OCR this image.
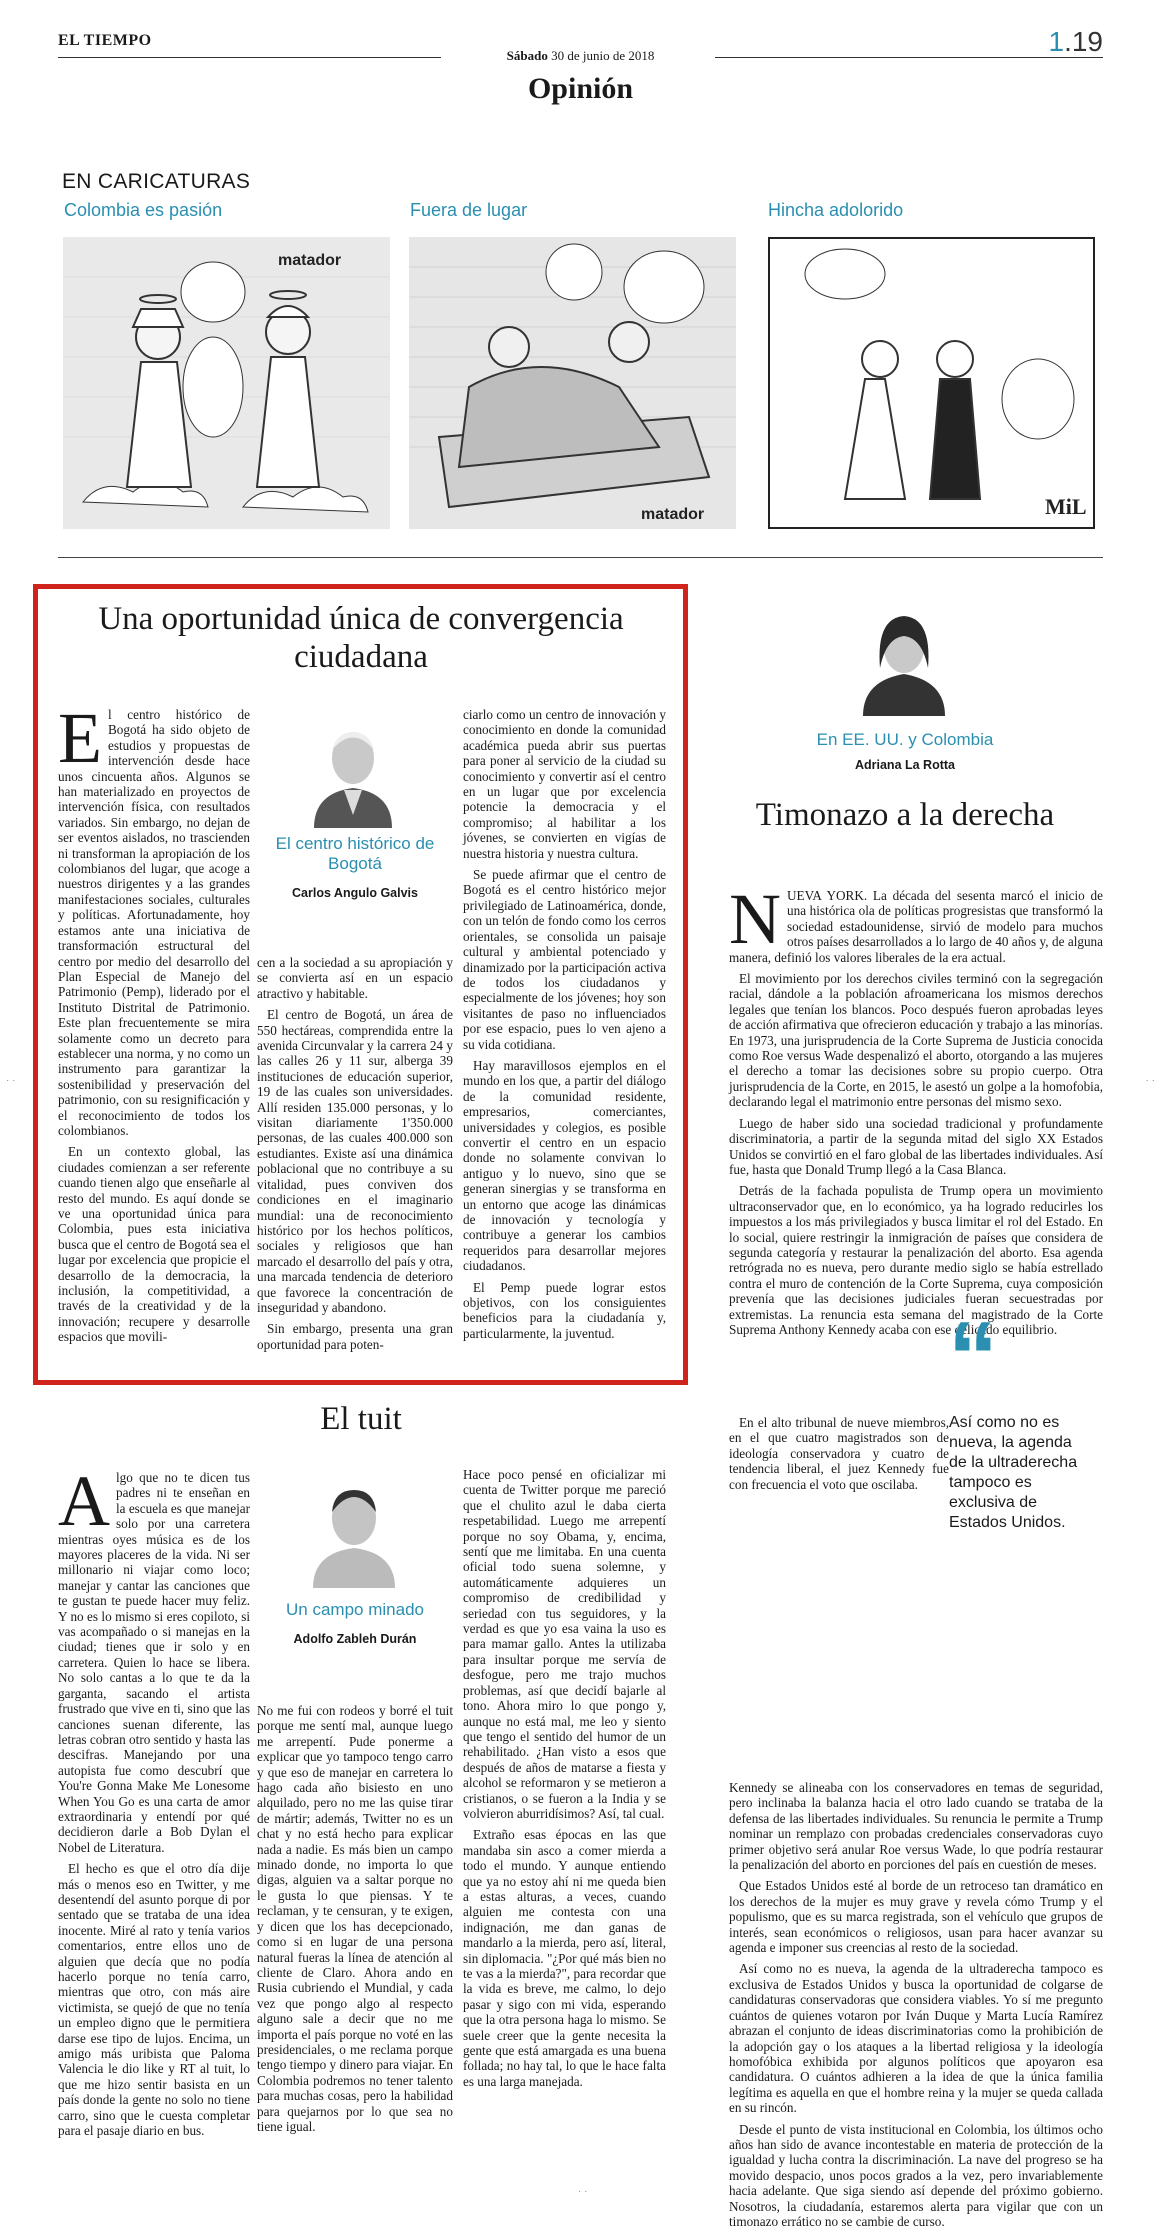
EL TIEMPO
Sábado 30 de junio de 2018	1.19
Opinión
EN CARICATURAS
Colombia es pasión	Fuera de lugar	Hincha adolorido
matador
matador	MiL
Una oportunidad única de convergencia ciudadana

El centro histórico de Bogotá ha sido objeto de estudios y propuestas de intervención desde hace unos cincuenta años. Algunos se han materializado en proyectos de intervención física, con resultados variados. Sin embargo, no dejan de ser eventos aislados, no trascienden ni transforman la apropiación de los colombianos del lugar, que acoge a nuestros dirigentes y a las grandes manifestaciones sociales, culturales y políticas. Afortunadamente, hoy estamos ante una iniciativa de transformación estructural del centro por medio del desarrollo del Plan Especial de Manejo del Patrimonio (Pemp), liderado por el Instituto Distrital de Patrimonio. Este plan frecuentemente se mira solamente como un decreto para establecer una norma, y no como un instrumento para garantizar la sostenibilidad y preservación del patrimonio, con su resignificación y el reconocimiento de todos los colombianos.

En un contexto global, las ciudades comienzan a ser referente cuando tienen algo que enseñarle al resto del mundo. Es aquí donde se ve una oportunidad única para Colombia, pues esta iniciativa busca que el centro de Bogotá sea el lugar por excelencia que propicie el desarrollo de la democracia, la inclusión, la competitividad, a través de la creatividad y de la innovación; recupere y desarrolle espacios que movili-

El centro histórico de Bogotá
Carlos Angulo Galvis

cen a la sociedad a su apropiación y se convierta así en un espacio atractivo y habitable.

El centro de Bogotá, un área de 550 hectáreas, comprendida entre la avenida Circunvalar y la carrera 24 y las calles 26 y 11 sur, alberga 39 instituciones de educación superior, 19 de las cuales son universidades. Allí residen 135.000 personas, y lo visitan diariamente 1'350.000 personas, de las cuales 400.000 son estudiantes. Existe así una dinámica poblacional que no contribuye a su vitalidad, pues conviven dos condiciones en el imaginario mundial: una de reconocimiento histórico por los hechos políticos, sociales y religiosos que han marcado el desarrollo del país y otra, una marcada tendencia de deterioro que favorece la concentración de inseguridad y abandono.

Sin embargo, presenta una gran oportunidad para poten-

ciarlo como un centro de innovación y conocimiento en donde la comunidad académica pueda abrir sus puertas para poner al servicio de la ciudad su conocimiento y convertir así el centro en un lugar que por excelencia potencie la democracia y el compromiso; al habilitar a los jóvenes, se convierten en vigías de nuestra historia y nuestra cultura.

Se puede afirmar que el centro de Bogotá es el centro histórico mejor privilegiado de Latinoamérica, donde, con un telón de fondo como los cerros orientales, se consolida un paisaje cultural y ambiental potenciado y dinamizado por la participación activa de todos los ciudadanos y especialmente de los jóvenes; hoy son visitantes de paso no influenciados por ese espacio, pues lo ven ajeno a su vida cotidiana.

Hay maravillosos ejemplos en el mundo en los que, a partir del diálogo de la comunidad residente, empresarios, comerciantes, universidades y colegios, es posible convertir el centro en un espacio donde no solamente convivan lo antiguo y lo nuevo, sino que se generan sinergias y se transforma en un entorno que acoge las dinámicas de innovación y tecnología y contribuye a generar los cambios requeridos para desarrollar mejores ciudadanos.

El Pemp puede lograr estos objetivos, con los consiguientes beneficios para la ciudadanía y, particularmente, la juventud.

El tuit

Algo que no te dicen tus padres ni te enseñan en la escuela es que manejar solo por una carretera mientras oyes música es de los mayores placeres de la vida. Ni ser millonario ni viajar como loco; manejar y cantar las canciones que te gustan te puede hacer muy feliz. Y no es lo mismo si eres copiloto, si vas acompañado o si manejas en la ciudad; tienes que ir solo y en carretera. Quien lo hace se libera. No solo cantas a lo que te da la garganta, sacando el artista frustrado que vive en ti, sino que las canciones suenan diferente, las letras cobran otro sentido y hasta las descifras. Manejando por una autopista fue como descubrí que You're Gonna Make Me Lonesome When You Go es una carta de amor extraordinaria y entendí por qué decidieron darle a Bob Dylan el Nobel de Literatura.

El hecho es que el otro día dije más o menos eso en Twitter, y me desentendí del asunto porque di por sentado que se trataba de una idea inocente. Miré al rato y tenía varios comentarios, entre ellos uno de alguien que decía que no podía hacerlo porque no tenía carro, mientras que otro, con más aire victimista, se quejó de que no tenía un empleo digno que le permitiera darse ese tipo de lujos. Encima, un amigo más uribista que Paloma Valencia le dio like y RT al tuit, lo que me hizo sentir basista en un país donde la gente no solo no tiene carro, sino que le cuesta completar para el pasaje diario en bus.

Un campo minado
Adolfo Zableh Durán

No me fui con rodeos y borré el tuit porque me sentí mal, aunque luego me arrepentí. Pude ponerme a explicar que yo tampoco tengo carro y que eso de manejar en carretera lo hago cada año bisiesto en uno alquilado, pero no me las quise tirar de mártir; además, Twitter no es un chat y no está hecho para explicar nada a nadie. Es más bien un campo minado donde, no importa lo que digas, alguien va a saltar porque no le gusta lo que piensas. Y te reclaman, y te censuran, y te exigen, y dicen que los has decepcionado, como si en lugar de una persona natural fueras la línea de atención al cliente de Claro. Ahora ando en Rusia cubriendo el Mundial, y cada vez que pongo algo al respecto alguno sale a decir que no me importa el país porque no voté en las presidenciales, o me reclama porque tengo tiempo y dinero para viajar. En Colombia podremos no tener talento para muchas cosas, pero la habilidad para quejarnos por lo que sea no tiene igual.

Hace poco pensé en oficializar mi cuenta de Twitter porque me pareció que el chulito azul le daba cierta respetabilidad. Luego me arrepentí porque no soy Obama, y, encima, sentí que me limitaba. En una cuenta oficial todo suena solemne, y automáticamente adquieres un compromiso de credibilidad y seriedad con tus seguidores, y la verdad es que yo esa vaina la uso es para mamar gallo. Antes la utilizaba para insultar porque me servía de desfogue, pero me trajo muchos problemas, así que decidí bajarle al tono. Ahora miro lo que pongo y, aunque no está mal, me leo y siento que tengo el sentido del humor de un rehabilitado. ¿Han visto a esos que después de años de matarse a fiesta y alcohol se reformaron y se metieron a cristianos, o se fueron a la India y se volvieron aburridísimos? Así, tal cual.

Extraño esas épocas en las que mandaba sin asco a comer mierda a todo el mundo. Y aunque entiendo que ya no estoy ahí ni me queda bien a estas alturas, a veces, cuando alguien me contesta con una indignación, me dan ganas de mandarlo a la mierda, pero así, literal, sin diplomacia. "¿Por qué más bien no te vas a la mierda?", para recordar que la vida es breve, me calmo, lo dejo pasar y sigo con mi vida, esperando que la otra persona haga lo mismo. Se suele creer que la gente necesita la gente que está amargada es una buena follada; no hay tal, lo que le hace falta es una larga manejada.

En EE. UU. y Colombia
Adriana La Rotta
Timonazo a la derecha

NUEVA YORK. La década del sesenta marcó el inicio de una histórica ola de políticas progresistas que transformó la sociedad estadounidense, sirvió de modelo para muchos otros países desarrollados a lo largo de 40 años y, de alguna manera, definió los valores liberales de la era actual.

El movimiento por los derechos civiles terminó con la segregación racial, dándole a la población afroamericana los mismos derechos legales que tenían los blancos. Poco después fueron aprobadas leyes de acción afirmativa que ofrecieron educación y trabajo a las minorías. En 1973, una jurisprudencia de la Corte Suprema de Justicia conocida como Roe versus Wade despenalizó el aborto, otorgando a las mujeres el derecho a tomar las decisiones sobre su propio cuerpo. Otra jurisprudencia de la Corte, en 2015, le asestó un golpe a la homofobia, declarando legal el matrimonio entre personas del mismo sexo.

Luego de haber sido una sociedad tradicional y profundamente discriminatoria, a partir de la segunda mitad del siglo XX Estados Unidos se convirtió en el faro global de las libertades individuales. Así fue, hasta que Donald Trump llegó a la Casa Blanca.

Detrás de la fachada populista de Trump opera un movimiento ultraconservador que, en lo económico, ya ha logrado reducirles los impuestos a los más privilegiados y busca limitar el rol del Estado. En lo social, quiere restringir la inmigración de países que considera de segunda categoría y restaurar la penalización del aborto. Esa agenda retrógrada no es nueva, pero durante medio siglo se había estrellado contra el muro de contención de la Corte Suprema, cuya composición prevenía que las decisiones judiciales fueran secuestradas por extremistas. La renuncia esta semana del magistrado de la Corte Suprema Anthony Kennedy acaba con ese delicado equilibrio.

En el alto tribunal de nueve miembros, en el que cuatro magistrados son de ideología conservadora y cuatro de tendencia liberal, el juez Kennedy fue con frecuencia el voto que oscilaba.

“
Así como no es nueva, la agenda de la ultraderecha tampoco es exclusiva de Estados Unidos.

Kennedy se alineaba con los conservadores en temas de seguridad, pero inclinaba la balanza hacia el otro lado cuando se trataba de la defensa de las libertades individuales. Su renuncia le permite a Trump nominar un remplazo con probadas credenciales conservadoras cuyo primer objetivo será anular Roe versus Wade, lo que podría restaurar la penalización del aborto en porciones del país en cuestión de meses.

Que Estados Unidos esté al borde de un retroceso tan dramático en los derechos de la mujer es muy grave y revela cómo Trump y el populismo, que es su marca registrada, son el vehículo que grupos de interés, sean económicos o religiosos, usan para hacer avanzar su agenda e imponer sus creencias al resto de la sociedad.

Así como no es nueva, la agenda de la ultraderecha tampoco es exclusiva de Estados Unidos y busca la oportunidad de colgarse de candidaturas conservadoras que considera viables. Yo sí me pregunto cuántos de quienes votaron por Iván Duque y Marta Lucía Ramírez abrazan el conjunto de ideas discriminatorias como la prohibición de la adopción gay o los ataques a la libertad religiosa y la ideología homofóbica exhibida por algunos políticos que apoyaron esa candidatura. O cuántos adhieren a la idea de que la única familia legítima es aquella en que el hombre reina y la mujer se queda callada en su rincón.

Desde el punto de vista institucional en Colombia, los últimos ocho años han sido de avance incontestable en materia de protección de la igualdad y lucha contra la discriminación. La nave del progreso se ha movido despacio, unos pocos grados a la vez, pero invariablemente hacia adelante. Que siga siendo así depende del próximo gobierno. Nosotros, la ciudadanía, estaremos alerta para vigilar que con un timonazo errático no se cambie de curso.

· ·	· ·
· ·
